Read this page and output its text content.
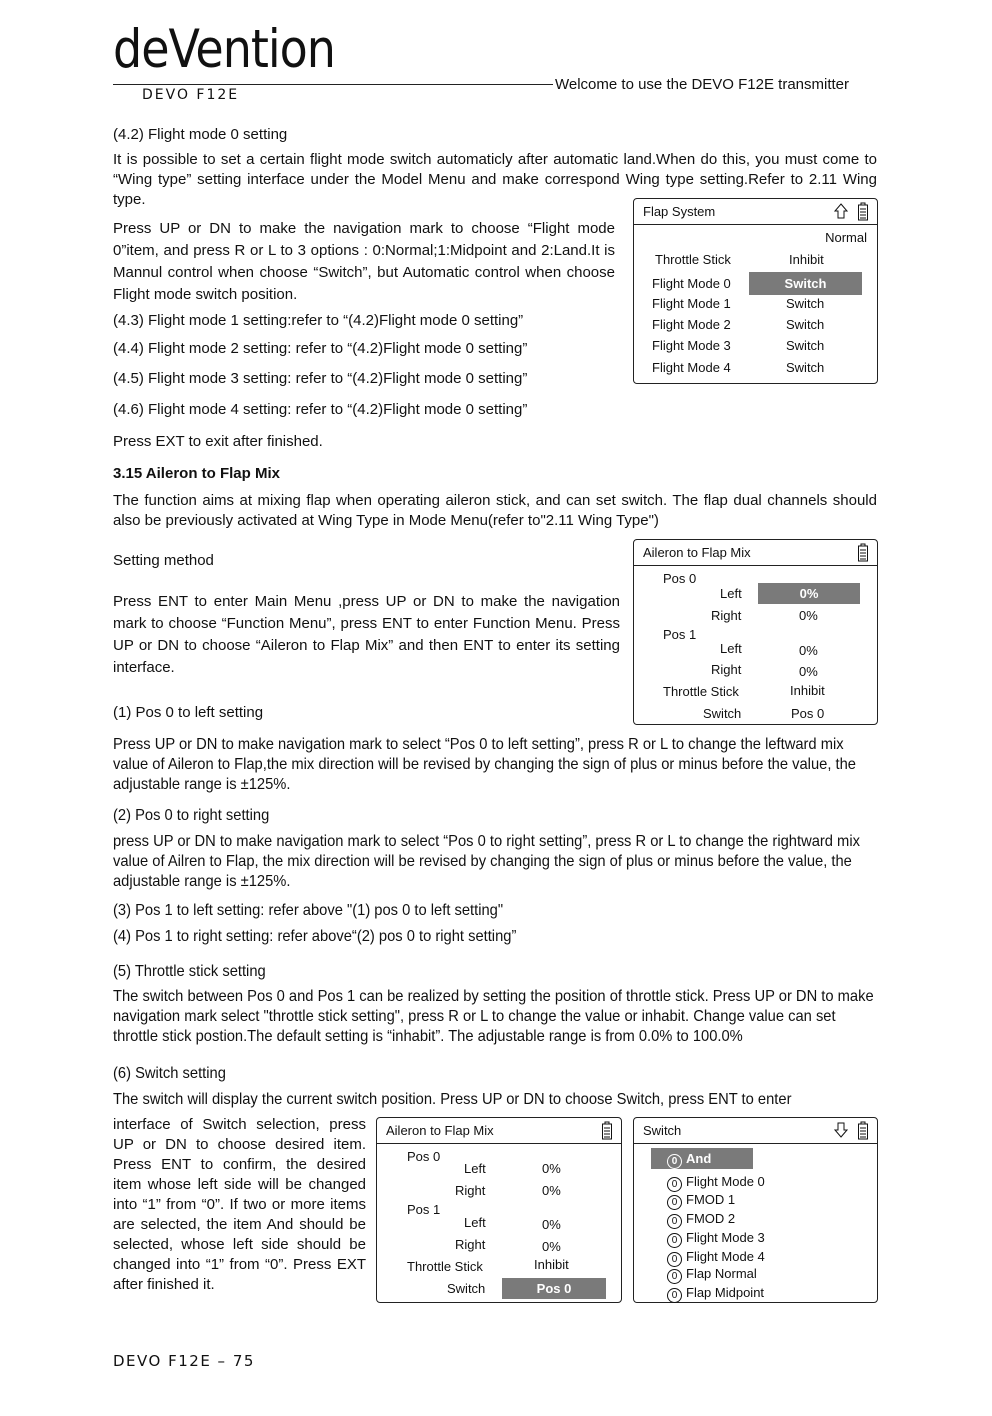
deVention
DEVO F12E
Welcome to use the DEVO F12E transmitter

(4.2) Flight mode 0 setting

It is possible to set a certain flight mode switch automaticly after automatic land.When do this, you must come to “Wing type” setting interface under the Model Menu and make correspond Wing type setting.Refer to 2.11 Wing type.

Press UP or DN to make the navigation mark to choose “Flight mode 0”item, and press R or L to 3 options : 0:Normal;1:Midpoint and 2:Land.It is Mannul control when choose “Switch”, but Automatic control when choose Flight mode switch position.

(4.3) Flight mode 1 setting:refer to “(4.2)Flight mode 0 setting”

(4.4) Flight mode 2 setting: refer to “(4.2)Flight mode 0 setting”

(4.5) Flight mode 3 setting: refer to “(4.2)Flight mode 0 setting”

(4.6) Flight mode 4 setting: refer to “(4.2)Flight mode 0 setting”

Press EXT to exit after finished.

Flap System
Normal
Throttle Stick	Inhibit
Flight Mode 0	Switch
Flight Mode 1	Switch
Flight Mode 2	Switch
Flight Mode 3	Switch
Flight Mode 4	Switch

3.15 Aileron to Flap Mix

The function aims at mixing flap when operating aileron stick, and can set switch. The flap dual channels should also be previously activated at Wing Type in Mode Menu(refer to"2.11 Wing Type")

Setting method

Press ENT to enter Main Menu ,press UP or DN to make the navigation mark to choose “Function Menu”, press ENT to enter Function Menu. Press UP or DN to choose “Aileron to Flap Mix” and then ENT to enter its setting interface.

(1) Pos 0 to left setting

Aileron to Flap Mix
Pos 0
Left	0%
Right	0%
Pos 1
Left	0%
Right	0%
Throttle Stick	Inhibit
Switch	Pos 0
Press UP or DN to make navigation mark to select “Pos 0 to left setting”, press R or L to change the leftward mix value of Aileron to Flap,the mix direction will be revised by changing the sign of plus or minus before the value, the adjustable range is ±125%.

(2) Pos 0 to right setting

press UP or DN to make navigation mark to select “Pos 0 to right setting”, press R or L to change the rightward mix value of Ailren to Flap, the mix direction will be revised by changing the sign of plus or minus before the value, the adjustable range is ±125%.

(3) Pos 1 to left setting: refer above "(1) pos 0 to left setting"

(4) Pos 1 to right setting: refer above“(2) pos 0 to right setting”

(5) Throttle stick setting

The switch between Pos 0 and Pos 1 can be realized by setting the position of throttle stick. Press UP or DN to make navigation mark select "throttle stick setting", press R or L to change the value or inhabit. Change value can set throttle stick postion.The default setting is “inhabit”. The adjustable range is from 0.0% to 100.0%

(6) Switch setting

The switch will display the current switch position. Press UP or DN to choose Switch, press ENT to enter

interface of Switch selection, press UP or DN to choose desired item. Press ENT to confirm, the desired item whose left side will be changed into “1” from “0”. If two or more items are selected, the item And should be selected, whose left side should be changed into “1” from “0”. Press EXT after finished it.

Aileron to Flap Mix
Pos 0
Left	0%
Right	0%
Pos 1
Left	0%
Right	0%
Throttle Stick	Inhibit
Switch	Pos 0
Switch
0 And
0 Flight Mode 0
0 FMOD 1
0 FMOD 2
0 Flight Mode 3
0 Flight Mode 4
0 Flap Normal
0 Flap Midpoint
DEVO F12E – 75
